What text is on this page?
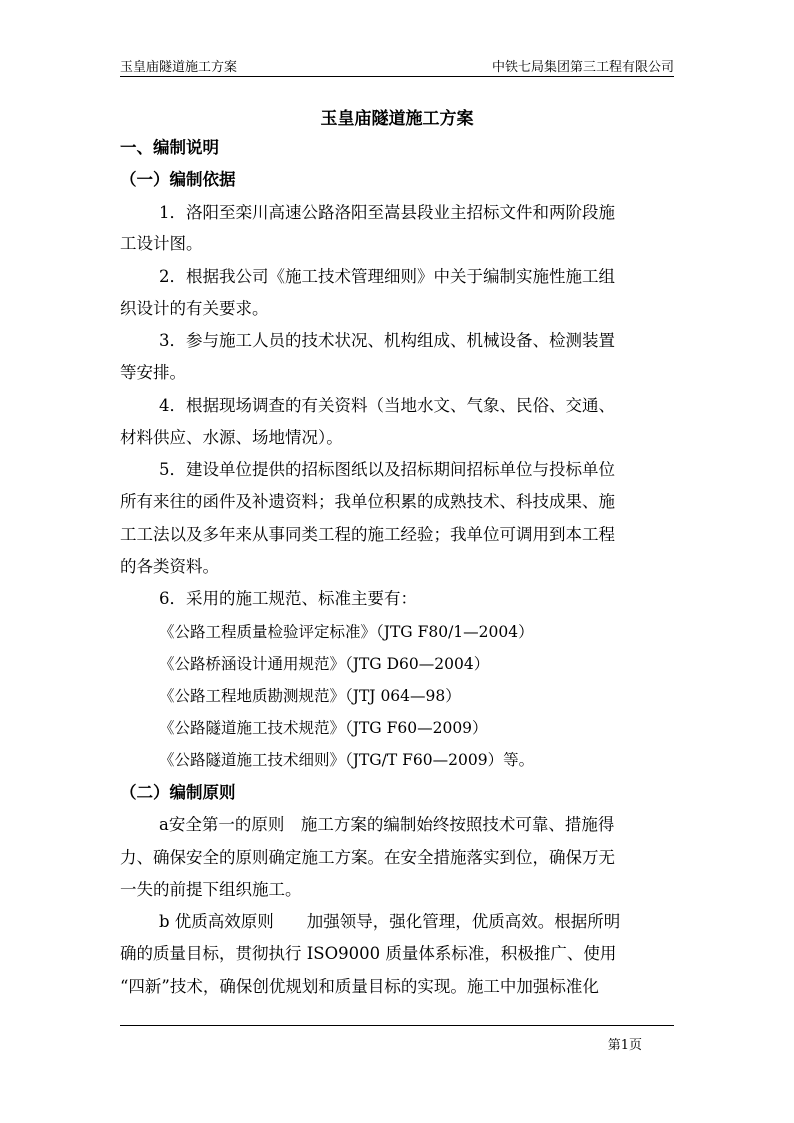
玉皇庙隧道施工方案	中铁七局集团第三工程有限公司
玉皇庙隧道施工方案
一、编制说明
（一）编制依据
1．洛阳至栾川高速公路洛阳至嵩县段业主招标文件和两阶段施
工设计图。
2．根据我公司《施工技术管理细则》中关于编制实施性施工组
织设计的有关要求。
3．参与施工人员的技术状况、机构组成、机械设备、检测装置
等安排。
4．根据现场调查的有关资料（当地水文、气象、民俗、交通、
材料供应、水源、场地情况）。
5．建设单位提供的招标图纸以及招标期间招标单位与投标单位
所有来往的函件及补遗资料；我单位积累的成熟技术、科技成果、施
工工法以及多年来从事同类工程的施工经验；我单位可调用到本工程
的各类资料。
6．采用的施工规范、标准主要有：
《公路工程质量检验评定标准》（JTG F80/1—2004）
《公路桥涵设计通用规范》（JTG D60—2004）
《公路工程地质勘测规范》（JTJ 064—98）
《公路隧道施工技术规范》（JTG F60—2009）
《公路隧道施工技术细则》（JTG/T F60—2009）等。
（二）编制原则
a安全第一的原则　施工方案的编制始终按照技术可靠、措施得
力、确保安全的原则确定施工方案。在安全措施落实到位，确保万无
一失的前提下组织施工。
b 优质高效原则　　加强领导，强化管理，优质高效。根据所明
确的质量目标，贯彻执行 ISO9000 质量体系标准，积极推广、使用
“四新”技术，确保创优规划和质量目标的实现。施工中加强标准化
第1页
